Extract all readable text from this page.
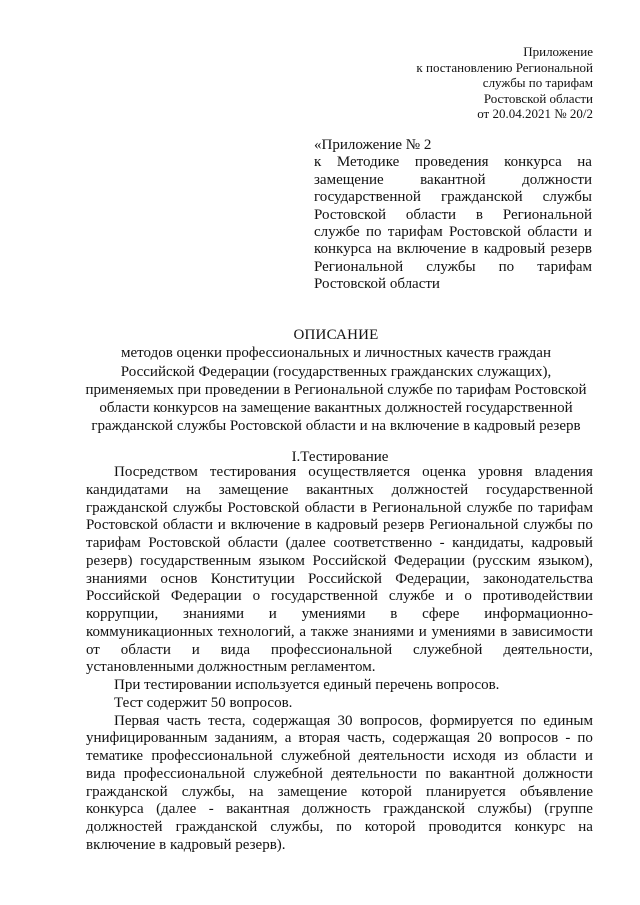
Приложение
к постановлению Региональной
службы по тарифам
Ростовской области
от 20.04.2021 № 20/2
«Приложение № 2
к Методике проведения конкурса на
замещение вакантной должности
государственной гражданской службы
Ростовской области в Региональной
службе по тарифам Ростовской области и
конкурса на включение в кадровый резерв
Региональной службы по тарифам
Ростовской области
ОПИСАНИЕ
методов оценки профессиональных и личностных качеств граждан
Российской Федерации (государственных гражданских служащих),
применяемых при проведении в Региональной службе по тарифам Ростовской
области конкурсов на замещение вакантных должностей государственной
гражданской службы Ростовской области и на включение в кадровый резерв
I.Тестирование
Посредством тестирования осуществляется оценка уровня владения
кандидатами на замещение вакантных должностей государственной
гражданской службы Ростовской области в Региональной службе по тарифам
Ростовской области и включение в кадровый резерв Региональной службы по
тарифам Ростовской области (далее соответственно - кандидаты, кадровый
резерв) государственным языком Российской Федерации (русским языком),
знаниями основ Конституции Российской Федерации, законодательства
Российской Федерации о государственной службе и о противодействии
коррупции, знаниями и умениями в сфере информационно-
коммуникационных технологий, а также знаниями и умениями в зависимости
от области и вида профессиональной служебной деятельности,
установленными должностным регламентом.
При тестировании используется единый перечень вопросов.
Тест содержит 50 вопросов.
Первая часть теста, содержащая 30 вопросов, формируется по единым
унифицированным заданиям, а вторая часть, содержащая 20 вопросов - по
тематике профессиональной служебной деятельности исходя из области и
вида профессиональной служебной деятельности по вакантной должности
гражданской службы, на замещение которой планируется объявление
конкурса (далее - вакантная должность гражданской службы) (группе
должностей гражданской службы, по которой проводится конкурс на
включение в кадровый резерв).
